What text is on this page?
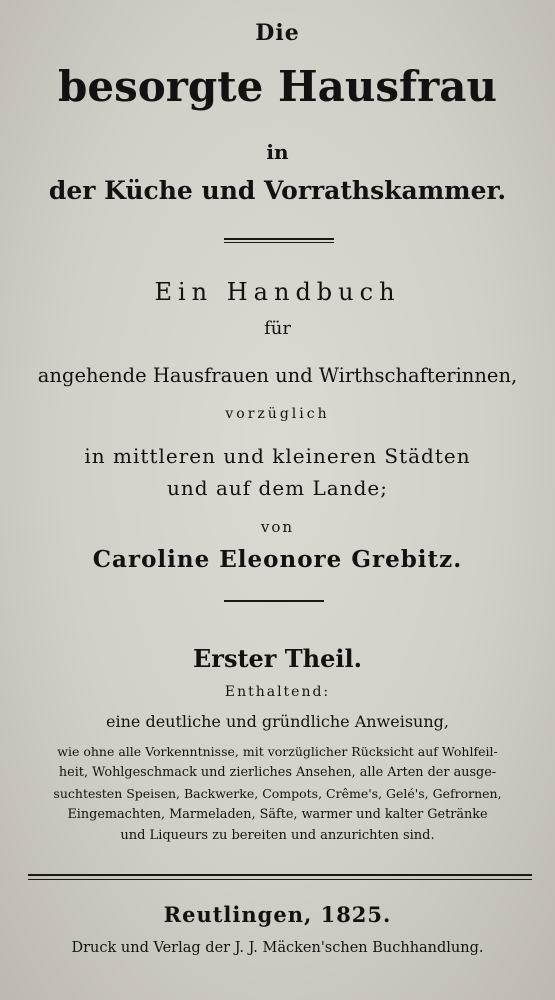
Die

besorgte Hausfrau

in

der Küche und Vorrathskammer.

Ein Handbuch

für

angehende Hausfrauen und Wirthschafterinnen,

vorzüglich

in mittleren und kleineren Städten

und auf dem Lande;

von

Caroline Eleonore Grebitz.

Erster Theil.

Enthaltend:

eine deutliche und gründliche Anweisung,

wie ohne alle Vorkenntnisse, mit vorzüglicher Rücksicht auf Wohlfeil-

heit, Wohlgeschmack und zierliches Ansehen, alle Arten der ausge-

suchtesten Speisen, Backwerke, Compots, Crême's, Gelé's, Gefrornen,

Eingemachten, Marmeladen, Säfte, warmer und kalter Getränke

und Liqueurs zu bereiten und anzurichten sind.

Reutlingen, 1825.

Druck und Verlag der J. J. Mäcken'schen Buchhandlung.
